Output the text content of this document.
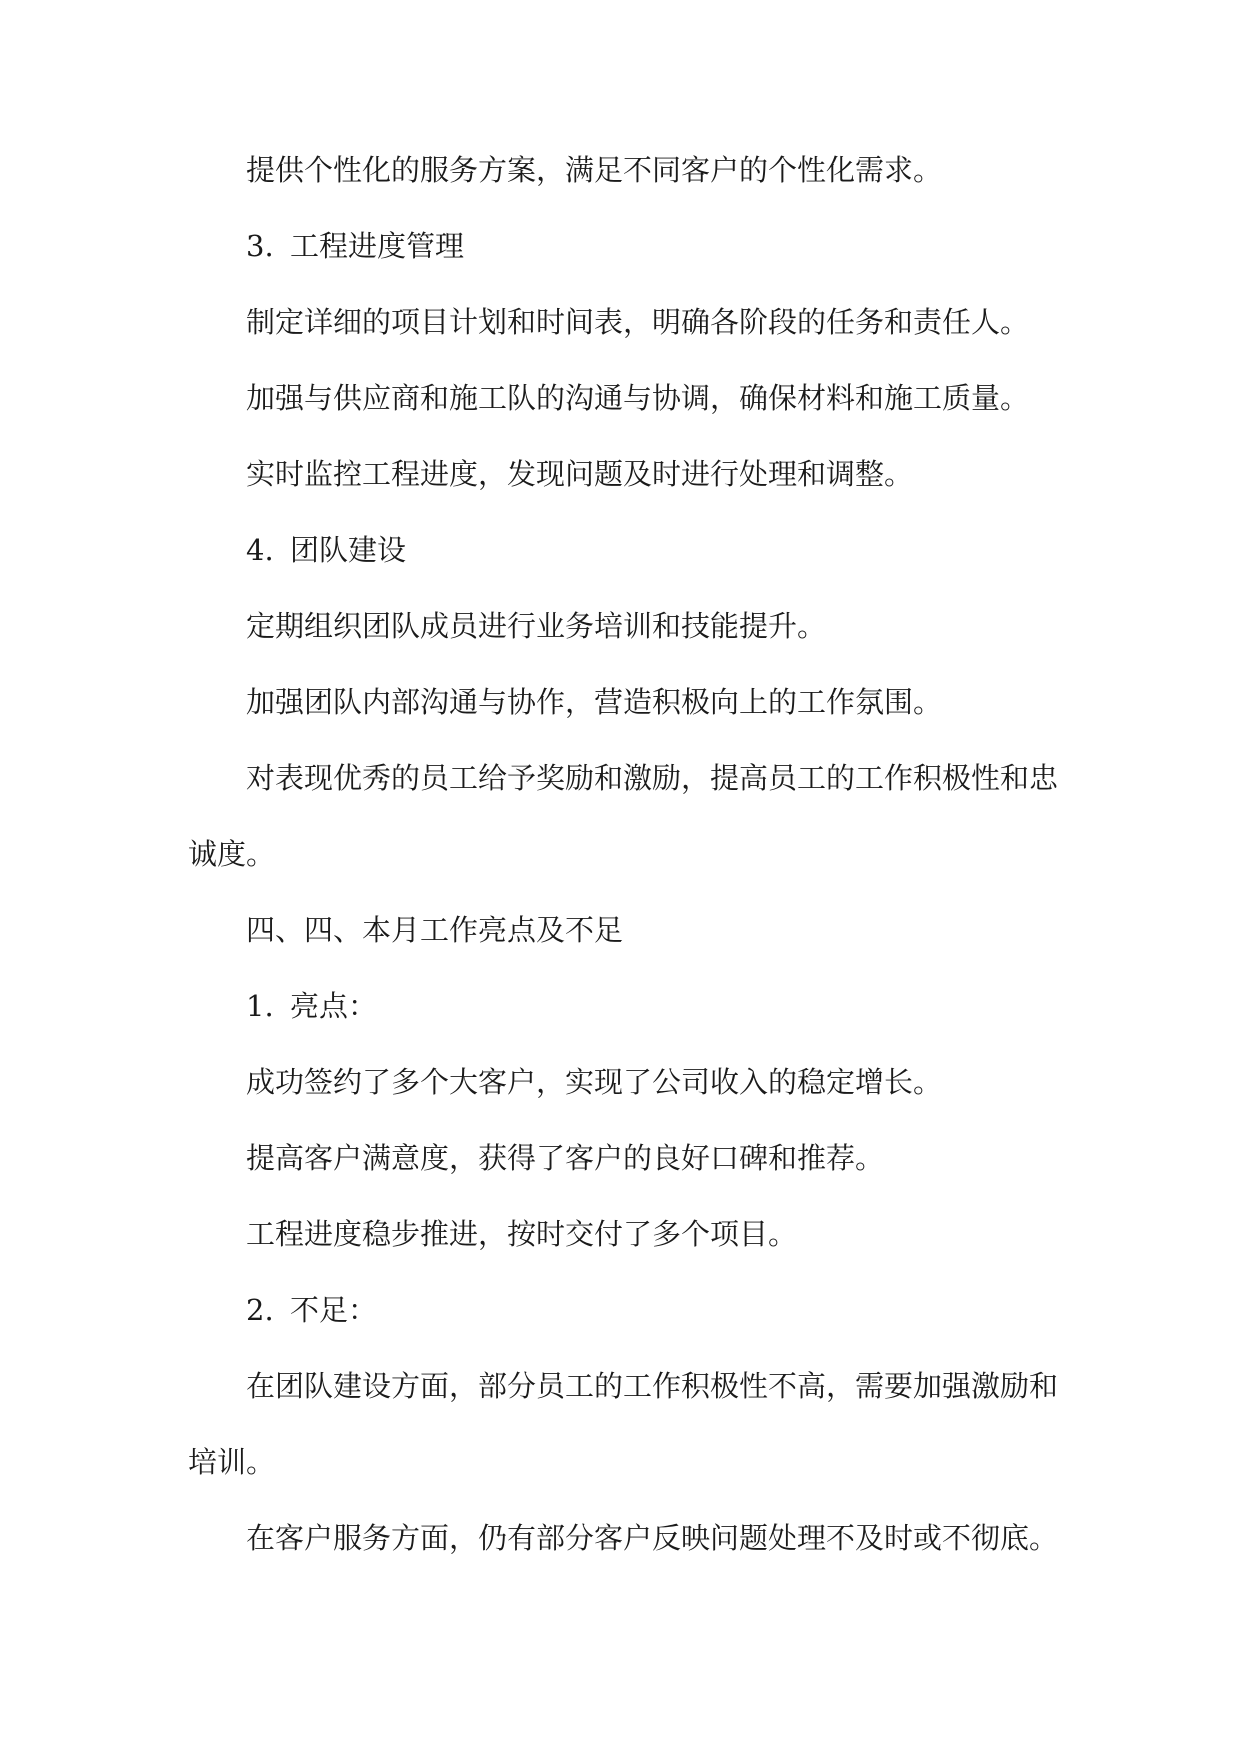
提供个性化的服务方案，满足不同客户的个性化需求。

3. 工程进度管理

制定详细的项目计划和时间表，明确各阶段的任务和责任人。

加强与供应商和施工队的沟通与协调，确保材料和施工质量。

实时监控工程进度，发现问题及时进行处理和调整。

4. 团队建设

定期组织团队成员进行业务培训和技能提升。

加强团队内部沟通与协作，营造积极向上的工作氛围。

对表现优秀的员工给予奖励和激励，提高员工的工作积极性和忠

诚度。

四、四、本月工作亮点及不足

1. 亮点：

成功签约了多个大客户，实现了公司收入的稳定增长。

提高客户满意度，获得了客户的良好口碑和推荐。

工程进度稳步推进，按时交付了多个项目。

2. 不足：

在团队建设方面，部分员工的工作积极性不高，需要加强激励和

培训。

在客户服务方面，仍有部分客户反映问题处理不及时或不彻底。
